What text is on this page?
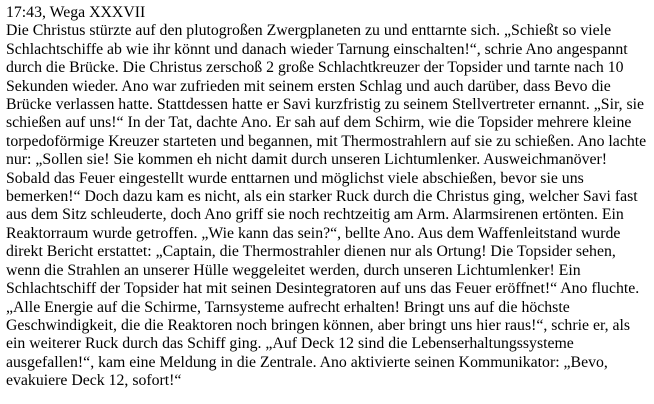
17:43, Wega XXXVII
Die Christus stürzte auf den plutogroßen Zwergplaneten zu und enttarnte sich. „Schießt so viele Schlachtschiffe ab wie ihr könnt und danach wieder Tarnung einschalten!“, schrie Ano angespannt durch die Brücke. Die Christus zerschoß 2 große Schlachtkreuzer der Topsider und tarnte nach 10 Sekunden wieder. Ano war zufrieden mit seinem ersten Schlag und auch darüber, dass Bevo die Brücke verlassen hatte. Stattdessen hatte er Savi kurzfristig zu seinem Stellvertreter ernannt. „Sir, sie schießen auf uns!“ In der Tat, dachte Ano. Er sah auf dem Schirm, wie die Topsider mehrere kleine torpedoförmige Kreuzer starteten und begannen, mit Thermostrahlern auf sie zu schießen. Ano lachte nur: „Sollen sie! Sie kommen eh nicht damit durch unseren Lichtumlenker. Ausweichmanöver! Sobald das Feuer eingestellt wurde enttarnen und möglichst viele abschießen, bevor sie uns bemerken!“ Doch dazu kam es nicht, als ein starker Ruck durch die Christus ging, welcher Savi fast aus dem Sitz schleuderte, doch Ano griff sie noch rechtzeitig am Arm. Alarmsirenen ertönten. Ein Reaktorraum wurde getroffen. „Wie kann das sein?“, bellte Ano. Aus dem Waffenleitstand wurde direkt Bericht erstattet: „Captain, die Thermostrahler dienen nur als Ortung! Die Topsider sehen, wenn die Strahlen an unserer Hülle weggeleitet werden, durch unseren Lichtumlenker! Ein Schlachtschiff der Topsider hat mit seinen Desintegratoren auf uns das Feuer eröffnet!“ Ano fluchte. „Alle Energie auf die Schirme, Tarnsysteme aufrecht erhalten! Bringt uns auf die höchste Geschwindigkeit, die die Reaktoren noch bringen können, aber bringt uns hier raus!“, schrie er, als ein weiterer Ruck durch das Schiff ging. „Auf Deck 12 sind die Lebenserhaltungssysteme ausgefallen!“, kam eine Meldung in die Zentrale. Ano aktivierte seinen Kommunikator: „Bevo, evakuiere Deck 12, sofort!“
